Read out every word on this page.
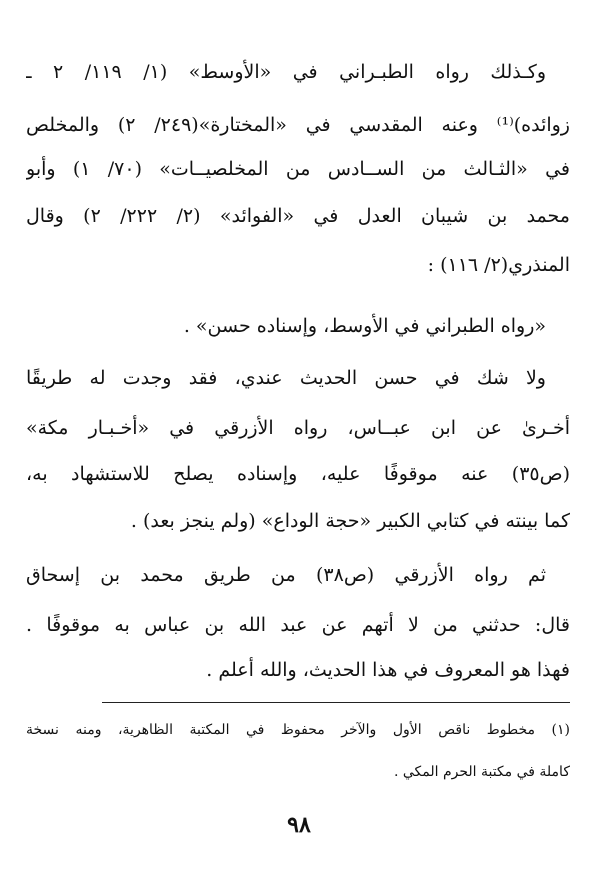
وكـذلك رواه الطبـراني في «الأوسط» (١/ ١١٩/ ٢ ـ
زوائده)⁽¹⁾ وعنه المقدسي في «المختارة»(٢٤٩/ ٢) والمخلص
في «الثـالث من الســادس من المخلصيــات» (٧٠/ ١) وأبو
محمد بن شيبان العدل في «الفوائد» (٢/ ٢٢٢/ ٢) وقال
المنذري(٢/ ١١٦) :
«رواه الطبراني في الأوسط، وإسناده حسن» .
ولا شك في حسن الحديث عندي، فقد وجدت له طريقًا
أخـرىٰ عن ابن عبــاس، رواه الأزرقي في «أخـبـار مكة»
(ص٣٥) عنه موقوفًا عليه، وإسناده يصلح للاستشهاد به،
كما بينته في كتابي الكبير «حجة الوداع» (ولم ينجز بعد) .
ثم رواه الأزرقي (ص٣٨) من طريق محمد بن إسحاق
قال: حدثني من لا أتهم عن عبد الله بن عباس به موقوفًا .
فهذا هو المعروف في هذا الحديث، والله أعلم .
(١) مخطوط ناقص الأول والآخر محفوظ في المكتبة الظاهرية، ومنه نسخة
كاملة في مكتبة الحرم المكي .
٩٨
